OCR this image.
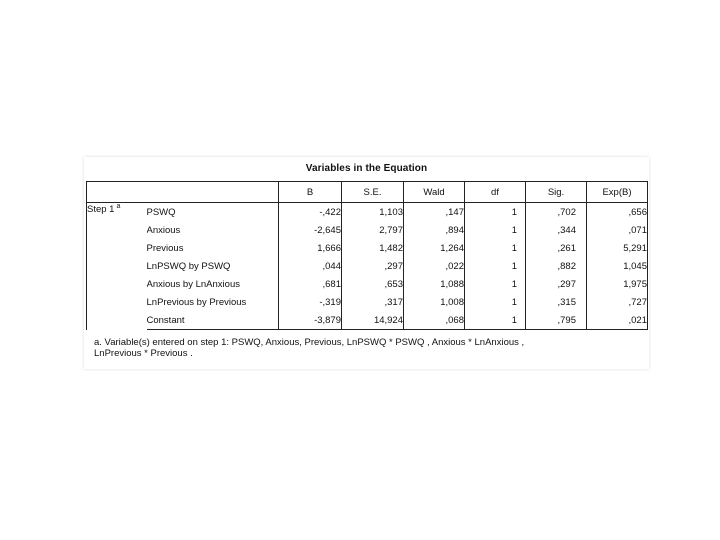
Variables in the Equation
		B	S.E.	Wald	df	Sig.	Exp(B)
Step 1 $^a$	PSWQ	-,422	1,103	,147	1	,702	,656
	Anxious	-2,645	2,797	,894	1	,344	,071
	Previous	1,666	1,482	1,264	1	,261	5,291
	LnPSWQ by PSWQ	,044	,297	,022	1	,882	1,045
	Anxious by LnAnxious	,681	,653	1,088	1	,297	1,975
	LnPrevious by Previous	-,319	,317	1,008	1	,315	,727
	Constant	-3,879	14,924	,068	1	,795	,021
a. Variable(s) entered on step 1: PSWQ, Anxious, Previous, LnPSWQ * PSWQ , Anxious * LnAnxious ,
LnPrevious * Previous .
